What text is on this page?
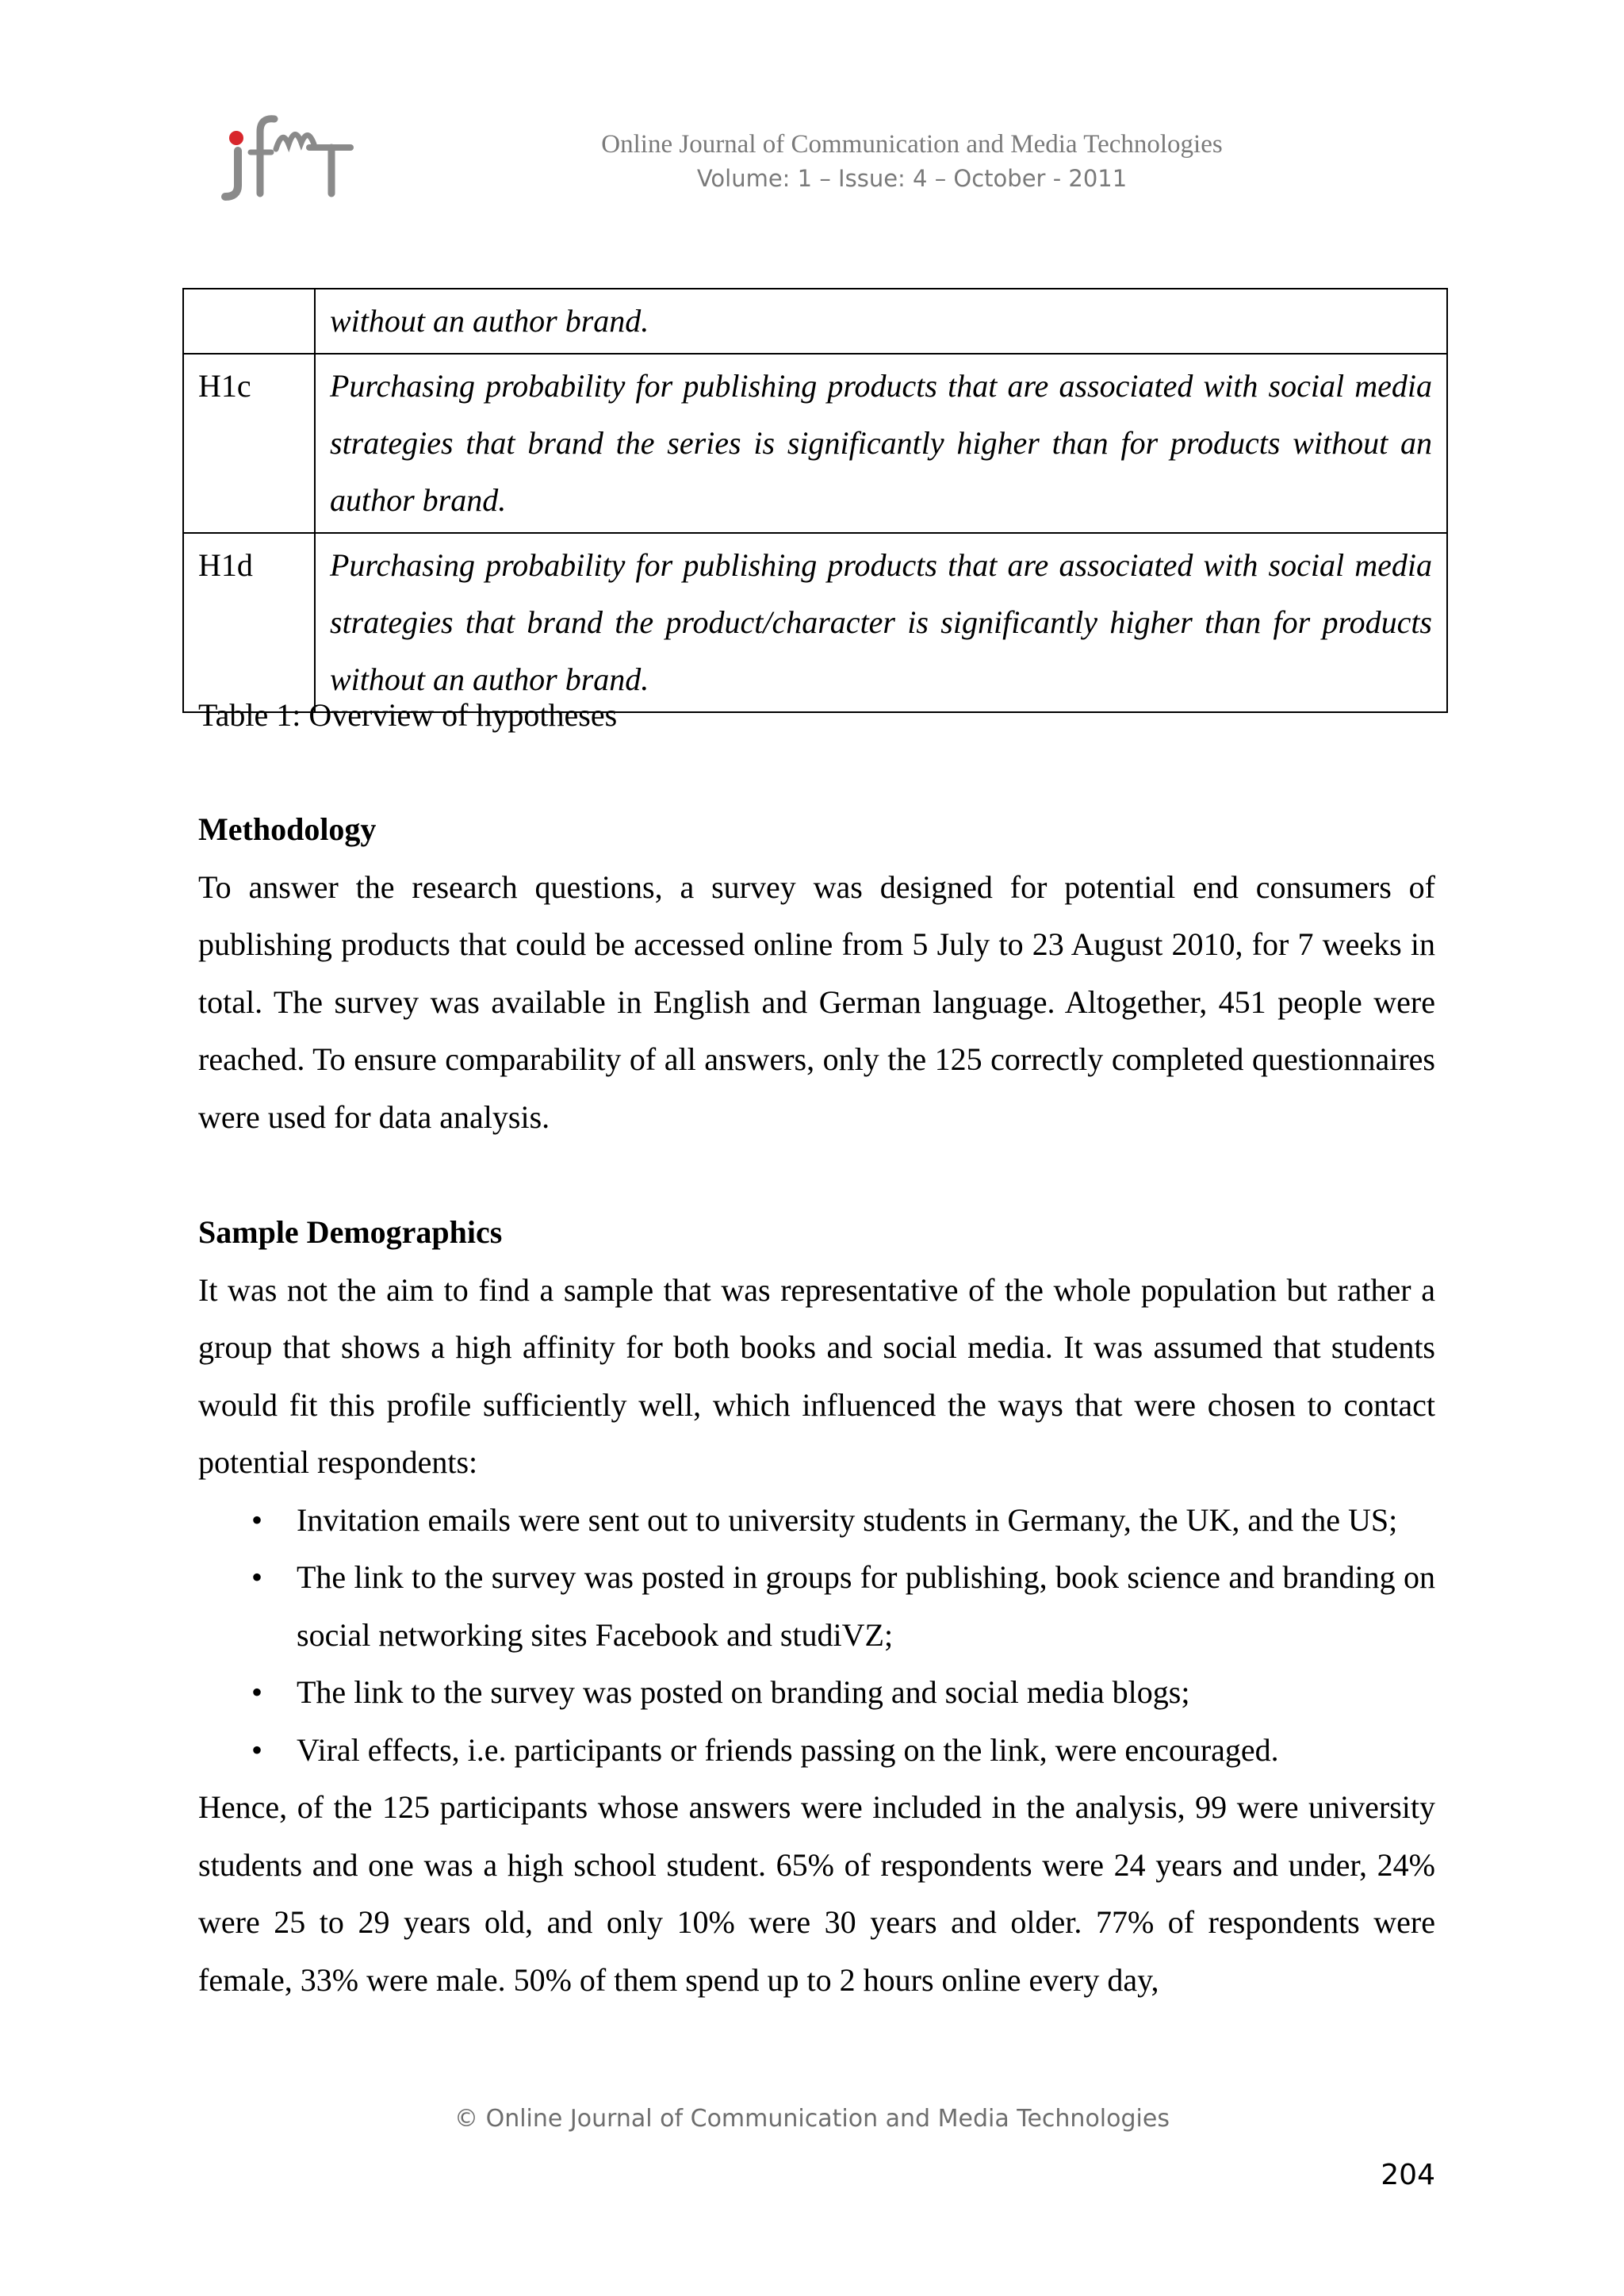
Online Journal of Communication and Media Technologies
Volume: 1 – Issue: 4 – October - 2011
	without an author brand.
H1c	Purchasing probability for publishing products that are associated with social media strategies that brand the series is significantly higher than for products without an author brand.
H1d	Purchasing probability for publishing products that are associated with social media strategies that brand the product/character is significantly higher than for products without an author brand.
Table 1: Overview of hypotheses
Methodology

To answer the research questions, a survey was designed for potential end consumers of publishing products that could be accessed online from 5 July to 23 August 2010, for 7 weeks in total. The survey was available in English and German language. Altogether, 451 people were reached. To ensure comparability of all answers, only the 125 correctly completed questionnaires were used for data analysis.

Sample Demographics

It was not the aim to find a sample that was representative of the whole population but rather a group that shows a high affinity for both books and social media. It was assumed that students would fit this profile sufficiently well, which influenced the ways that were chosen to contact potential respondents:

• Invitation emails were sent out to university students in Germany, the UK, and the US;
• The link to the survey was posted in groups for publishing, book science and branding on social networking sites Facebook and studiVZ;
• The link to the survey was posted on branding and social media blogs;
• Viral effects, i.e. participants or friends passing on the link, were encouraged.

Hence, of the 125 participants whose answers were included in the analysis, 99 were university students and one was a high school student. 65% of respondents were 24 years and under, 24% were 25 to 29 years old, and only 10% were 30 years and older. 77% of respondents were female, 33% were male. 50% of them spend up to 2 hours online every day,

© Online Journal of Communication and Media Technologies
204
